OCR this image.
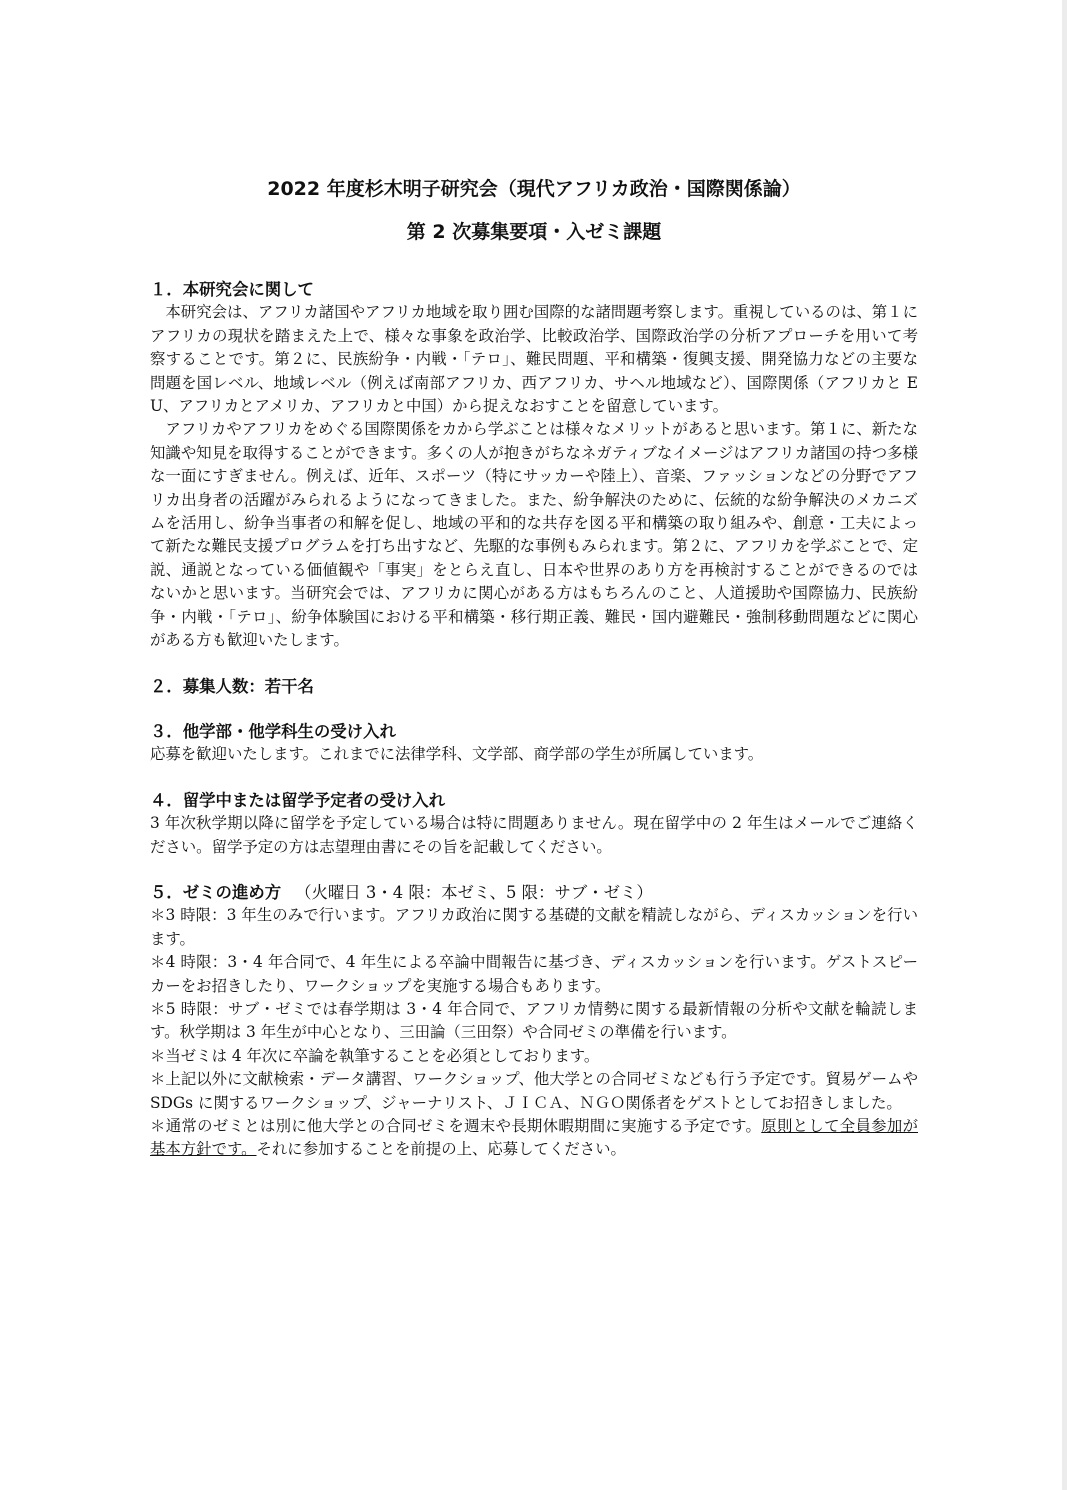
2022 年度杉木明子研究会（現代アフリカ政治・国際関係論）
第 2 次募集要項・入ゼミ課題
１．本研究会に関して

本研究会は、アフリカ諸国やアフリカ地域を取り囲む国際的な諸問題考察します。重視しているのは、第１にアフリカの現状を踏まえた上で、様々な事象を政治学、比較政治学、国際政治学の分析アプローチを用いて考察することです。第２に、民族紛争・内戦・「テロ」、難民問題、平和構築・復興支援、開発協力などの主要な問題を国レベル、地域レベル（例えば南部アフリカ、西アフリカ、サヘル地域など）、国際関係（アフリカと EU、アフリカとアメリカ、アフリカと中国）から捉えなおすことを留意しています。

アフリカやアフリカをめぐる国際関係をカから学ぶことは様々なメリットがあると思います。第１に、新たな知識や知見を取得することができます。多くの人が抱きがちなネガティブなイメージはアフリカ諸国の持つ多様な一面にすぎません。例えば、近年、スポーツ（特にサッカーや陸上）、音楽、ファッションなどの分野でアフリカ出身者の活躍がみられるようになってきました。また、紛争解決のために、伝統的な紛争解決のメカニズムを活用し、紛争当事者の和解を促し、地域の平和的な共存を図る平和構築の取り組みや、創意・工夫によって新たな難民支援プログラムを打ち出すなど、先駆的な事例もみられます。第２に、アフリカを学ぶことで、定説、通説となっている価値観や「事実」をとらえ直し、日本や世界のあり方を再検討することができるのではないかと思います。当研究会では、アフリカに関心がある方はもちろんのこと、人道援助や国際協力、民族紛争・内戦・「テロ」、紛争体験国における平和構築・移行期正義、難民・国内避難民・強制移動問題などに関心がある方も歓迎いたします。

２．募集人数：若干名
３．他学部・他学科生の受け入れ

応募を歓迎いたします。これまでに法律学科、文学部、商学部の学生が所属しています。

４．留学中または留学予定者の受け入れ

3 年次秋学期以降に留学を予定している場合は特に問題ありません。現在留学中の 2 年生はメールでご連絡ください。留学予定の方は志望理由書にその旨を記載してください。

５．ゼミの進め方 （火曜日 3・4 限：本ゼミ、5 限：サブ・ゼミ）

＊3 時限：3 年生のみで行います。アフリカ政治に関する基礎的文献を精読しながら、ディスカッションを行います。

＊4 時限：3・4 年合同で、4 年生による卒論中間報告に基づき、ディスカッションを行います。ゲストスピーカーをお招きしたり、ワークショップを実施する場合もあります。

＊5 時限：サブ・ゼミでは春学期は 3・4 年合同で、アフリカ情勢に関する最新情報の分析や文献を輪読します。秋学期は 3 年生が中心となり、三田論（三田祭）や合同ゼミの準備を行います。

＊当ゼミは 4 年次に卒論を執筆することを必須としております。

＊上記以外に文献検索・データ講習、ワークショップ、他大学との合同ゼミなども行う予定です。貿易ゲームや SDGs に関するワークショップ、ジャーナリスト、ＪＩＣＡ、ＮＧＯ関係者をゲストとしてお招きしました。

＊通常のゼミとは別に他大学との合同ゼミを週末や長期休暇期間に実施する予定です。原則として全員参加が基本方針です。それに参加することを前提の上、応募してください。
